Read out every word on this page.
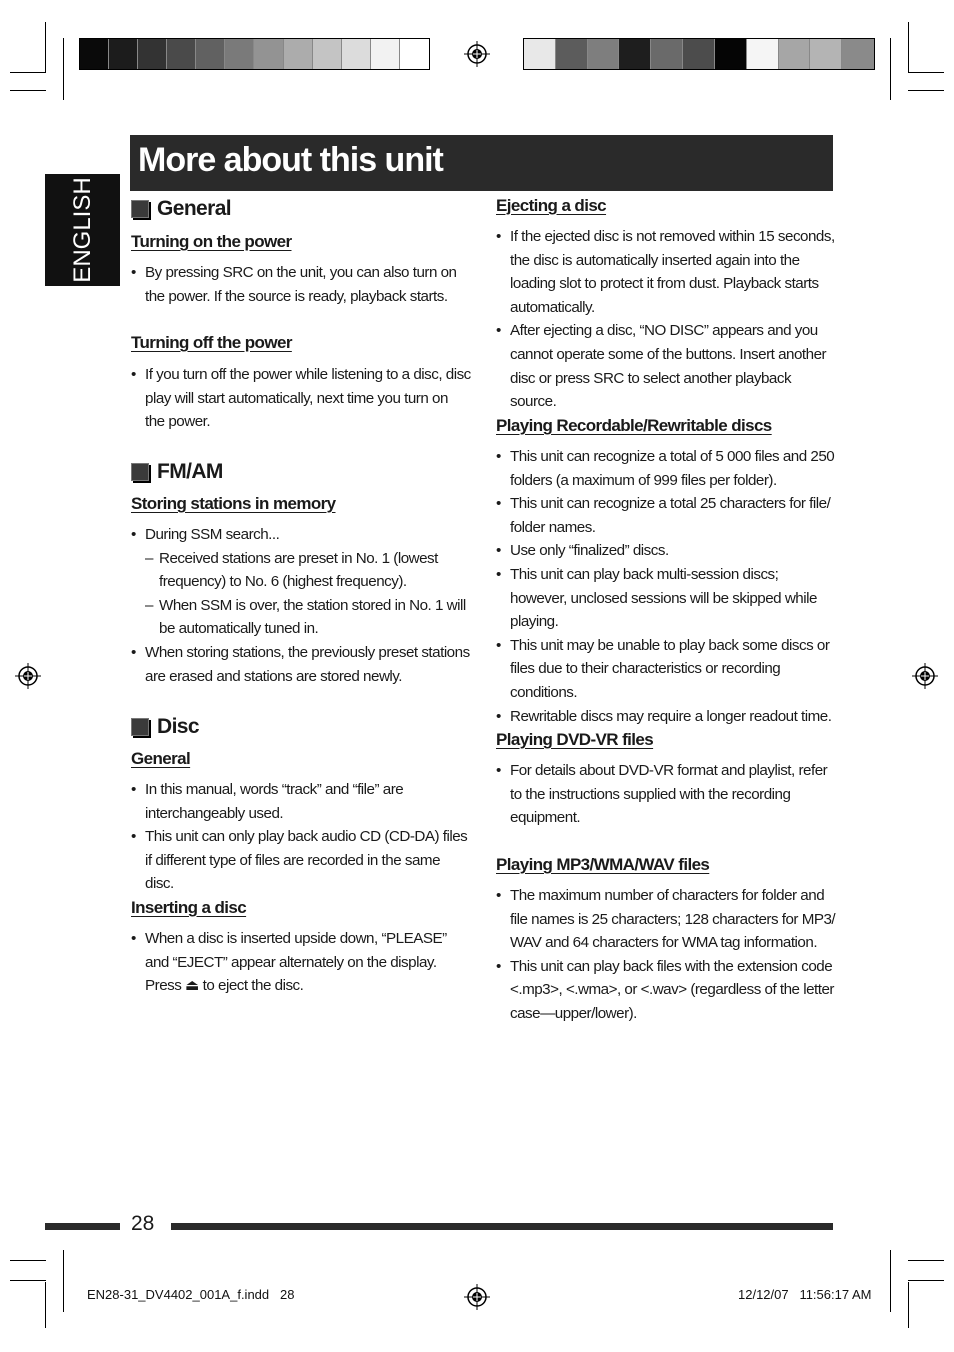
More about this unit
ENGLISH	General
Turning on the power
• By pressing SRC on the unit, you can also turn on the power. If the source is ready, playback starts.
Turning off the power
• If you turn off the power while listening to a disc, disc play will start automatically, next time you turn on the power.
FM/AM
Storing stations in memory
• During SSM search...
– Received stations are preset in No. 1 (lowest frequency) to No. 6 (highest frequency).
– When SSM is over, the station stored in No. 1 will be automatically tuned in.
• When storing stations, the previously preset stations are erased and stations are stored newly.
Disc
General
• In this manual, words “track” and “file” are interchangeably used.
• This unit can only play back audio CD (CD-DA) files if different type of files are recorded in the same disc.
Inserting a disc
• When a disc is inserted upside down, “PLEASE” and “EJECT” appear alternately on the display. Press ⏏ to eject the disc.
Ejecting a disc
• If the ejected disc is not removed within 15 seconds, the disc is automatically inserted again into the loading slot to protect it from dust. Playback starts automatically.
• After ejecting a disc, “NO DISC” appears and you cannot operate some of the buttons. Insert another disc or press SRC to select another playback source.
Playing Recordable/Rewritable discs
• This unit can recognize a total of 5 000 files and 250 folders (a maximum of 999 files per folder).
• This unit can recognize a total 25 characters for file/ folder names.
• Use only “finalized” discs.
• This unit can play back multi-session discs; however, unclosed sessions will be skipped while playing.
• This unit may be unable to play back some discs or files due to their characteristics or recording conditions.
• Rewritable discs may require a longer readout time.
Playing DVD-VR files
• For details about DVD-VR format and playlist, refer to the instructions supplied with the recording equipment.
Playing MP3/WMA/WAV files
• The maximum number of characters for folder and file names is 25 characters; 128 characters for MP3/ WAV and 64 characters for WMA tag information.
• This unit can play back files with the extension code <.mp3>, <.wma>, or <.wav> (regardless of the letter case—upper/lower).
28
EN28-31_DV4402_001A_f.indd   28	12/12/07   11:56:17 AM
